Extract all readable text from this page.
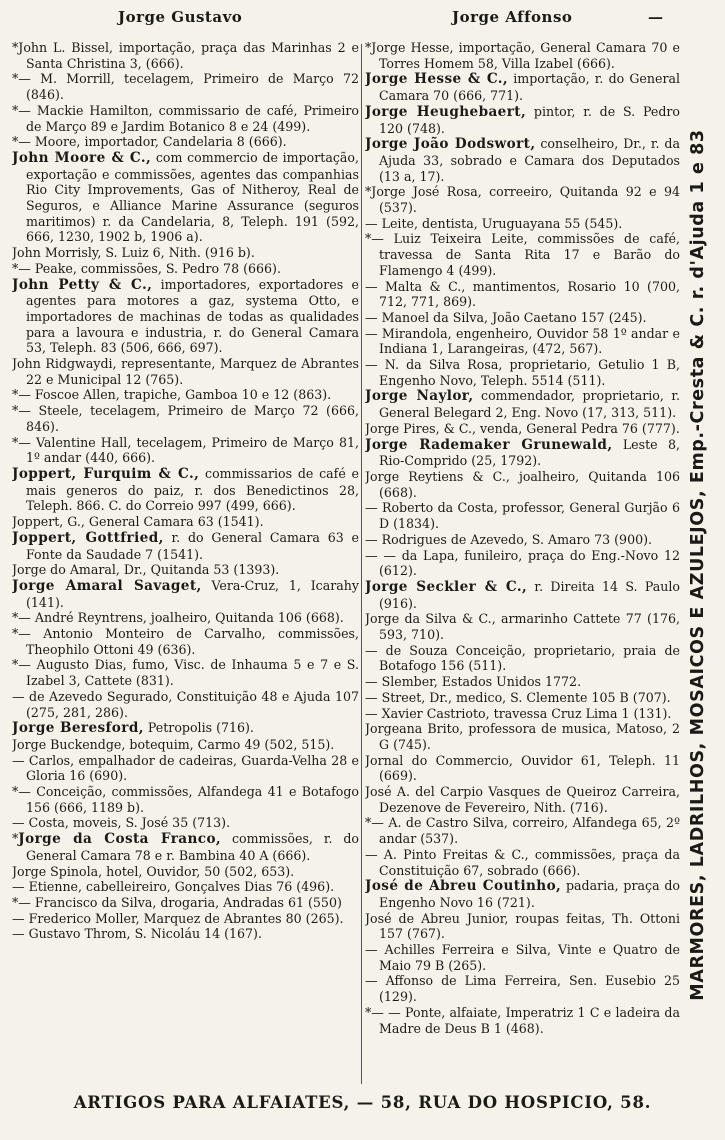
Jorge Gustavo	Jorge Affonso	—

*John L. Bissel, importação, praça das Marinhas 2 e Santa Christina 3, (666).

*— M. Morrill, tecelagem, Primeiro de Março 72 (846).

*— Mackie Hamilton, commissario de café, Primeiro de Março 89 e Jardim Botanico 8 e 24 (499).

*— Moore, importador, Candelaria 8 (666).

John Moore & C., com commercio de importação, exportação e commissões, agentes das companhias Rio City Improvements, Gas of Nitheroy, Real de Seguros, e Alliance Marine Assurance (seguros maritimos) r. da Candelaria, 8, Teleph. 191 (592, 666, 1230, 1902 b, 1906 a).

John Morrisly, S. Luiz 6, Nith. (916 b).

*— Peake, commissões, S. Pedro 78 (666).

John Petty & C., importadores, exportadores e agentes para motores a gaz, systema Otto, e importadores de machinas de todas as qualidades para a lavoura e industria, r. do General Camara 53, Teleph. 83 (506, 666, 697).

John Ridgwaydi, representante, Marquez de Abrantes 22 e Municipal 12 (765).

*— Foscoe Allen, trapiche, Gamboa 10 e 12 (863).

*— Steele, tecelagem, Primeiro de Março 72 (666, 846).

*— Valentine Hall, tecelagem, Primeiro de Março 81, 1º andar (440, 666).

Joppert, Furquim & C., commissarios de café e mais generos do paiz, r. dos Benedictinos 28, Teleph. 866. C. do Correio 997 (499, 666).

Joppert, G., General Camara 63 (1541).

Joppert, Gottfried, r. do General Camara 63 e Fonte da Saudade 7 (1541).

Jorge do Amaral, Dr., Quitanda 53 (1393).

Jorge Amaral Savaget, Vera-Cruz, 1, Icarahy (141).

*— André Reyntrens, joalheiro, Quitanda 106 (668).

*— Antonio Monteiro de Carvalho, commissões, Theophilo Ottoni 49 (636).

*— Augusto Dias, fumo, Visc. de Inhauma 5 e 7 e S. Izabel 3, Cattete (831).

— de Azevedo Segurado, Constituição 48 e Ajuda 107 (275, 281, 286).

Jorge Beresford, Petropolis (716).

Jorge Buckendge, botequim, Carmo 49 (502, 515).

— Carlos, empalhador de cadeiras, Guarda-Velha 28 e Gloria 16 (690).

*— Conceição, commissões, Alfandega 41 e Botafogo 156 (666, 1189 b).

— Costa, moveis, S. José 35 (713).

*Jorge da Costa Franco, commissões, r. do General Camara 78 e r. Bambina 40 A (666).

Jorge Spinola, hotel, Ouvidor, 50 (502, 653).

— Etienne, cabelleireiro, Gonçalves Dias 76 (496).

*— Francisco da Silva, drogaria, Andradas 61 (550)

— Frederico Moller, Marquez de Abrantes 80 (265).

— Gustavo Throm, S. Nicoláu 14 (167).

*Jorge Hesse, importação, General Camara 70 e Torres Homem 58, Villa Izabel (666).

Jorge Hesse & C., importação, r. do General Camara 70 (666, 771).

Jorge Heughebaert, pintor, r. de S. Pedro 120 (748).

Jorge João Dodswort, conselheiro, Dr., r. da Ajuda 33, sobrado e Camara dos Deputados (13 a, 17).

*Jorge José Rosa, correeiro, Quitanda 92 e 94 (537).

— Leite, dentista, Uruguayana 55 (545).

*— Luiz Teixeira Leite, commissões de café, travessa de Santa Rita 17 e Barão do Flamengo 4 (499).

— Malta & C., mantimentos, Rosario 10 (700, 712, 771, 869).

— Manoel da Silva, João Caetano 157 (245).

— Mirandola, engenheiro, Ouvidor 58 1º andar e Indiana 1, Larangeiras, (472, 567).

— N. da Silva Rosa, proprietario, Getulio 1 B, Engenho Novo, Teleph. 5514 (511).

Jorge Naylor, commendador, proprietario, r. General Belegard 2, Eng. Novo (17, 313, 511).

Jorge Pires, & C., venda, General Pedra 76 (777).

Jorge Rademaker Grunewald, Leste 8, Rio-Comprido (25, 1792).

Jorge Reytiens & C., joalheiro, Quitanda 106 (668).

— Roberto da Costa, professor, General Gurjão 6 D (1834).

— Rodrigues de Azevedo, S. Amaro 73 (900).

— — da Lapa, funileiro, praça do Eng.-Novo 12 (612).

Jorge Seckler & C., r. Direita 14 S. Paulo (916).

Jorge da Silva & C., armarinho Cattete 77 (176, 593, 710).

— de Souza Conceição, proprietario, praia de Botafogo 156 (511).

— Slember, Estados Unidos 1772.

— Street, Dr., medico, S. Clemente 105 B (707).

— Xavier Castrioto, travessa Cruz Lima 1 (131).

Jorgeana Brito, professora de musica, Matoso, 2 G (745).

Jornal do Commercio, Ouvidor 61, Teleph. 11 (669).

José A. del Carpio Vasques de Queiroz Carreira, Dezenove de Fevereiro, Nith. (716).

*— A. de Castro Silva, correiro, Alfandega 65, 2º andar (537).

— A. Pinto Freitas & C., commissões, praça da Constituição 67, sobrado (666).

José de Abreu Coutinho, padaria, praça do Engenho Novo 16 (721).

José de Abreu Junior, roupas feitas, Th. Ottoni 157 (767).

— Achilles Ferreira e Silva, Vinte e Quatro de Maio 79 B (265).

— Affonso de Lima Ferreira, Sen. Eusebio 25 (129).

*— — Ponte, alfaiate, Imperatriz 1 C e ladeira da Madre de Deus B 1 (468).

MARMORES, LADRILHOS, MOSAICOS E AZULEJOS, Emp.-Cresta & C. r. d'Ajuda 1 e 83
ARTIGOS PARA ALFAIATES, — 58, RUA DO HOSPICIO, 58.
